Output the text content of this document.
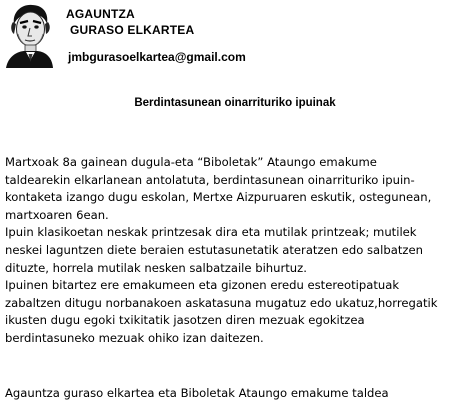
AGAUNTZA
GURASO ELKARTEA
jmbgurasoelkartea@gmail.com
Berdintasunean oinarrituriko ipuinak
Martxoak 8a gainean dugula-eta “Biboletak” Ataungo emakume
taldearekin elkarlanean antolatuta, berdintasunean oinarrituriko ipuin-
kontaketa izango dugu eskolan, Mertxe Aizpuruaren eskutik, ostegunean,
martxoaren 6ean.
Ipuin klasikoetan neskak printzesak dira eta mutilak printzeak; mutilek
neskei laguntzen diete beraien estutasunetatik ateratzen edo salbatzen
dituzte, horrela mutilak nesken salbatzaile bihurtuz.
Ipuinen bitartez ere emakumeen eta gizonen eredu estereotipatuak
zabaltzen ditugu norbanakoen askatasuna mugatuz edo ukatuz,horregatik
ikusten dugu egoki txikitatik jasotzen diren mezuak egokitzea
berdintasuneko mezuak ohiko izan daitezen.
Agauntza guraso elkartea eta Biboletak Ataungo emakume taldea
